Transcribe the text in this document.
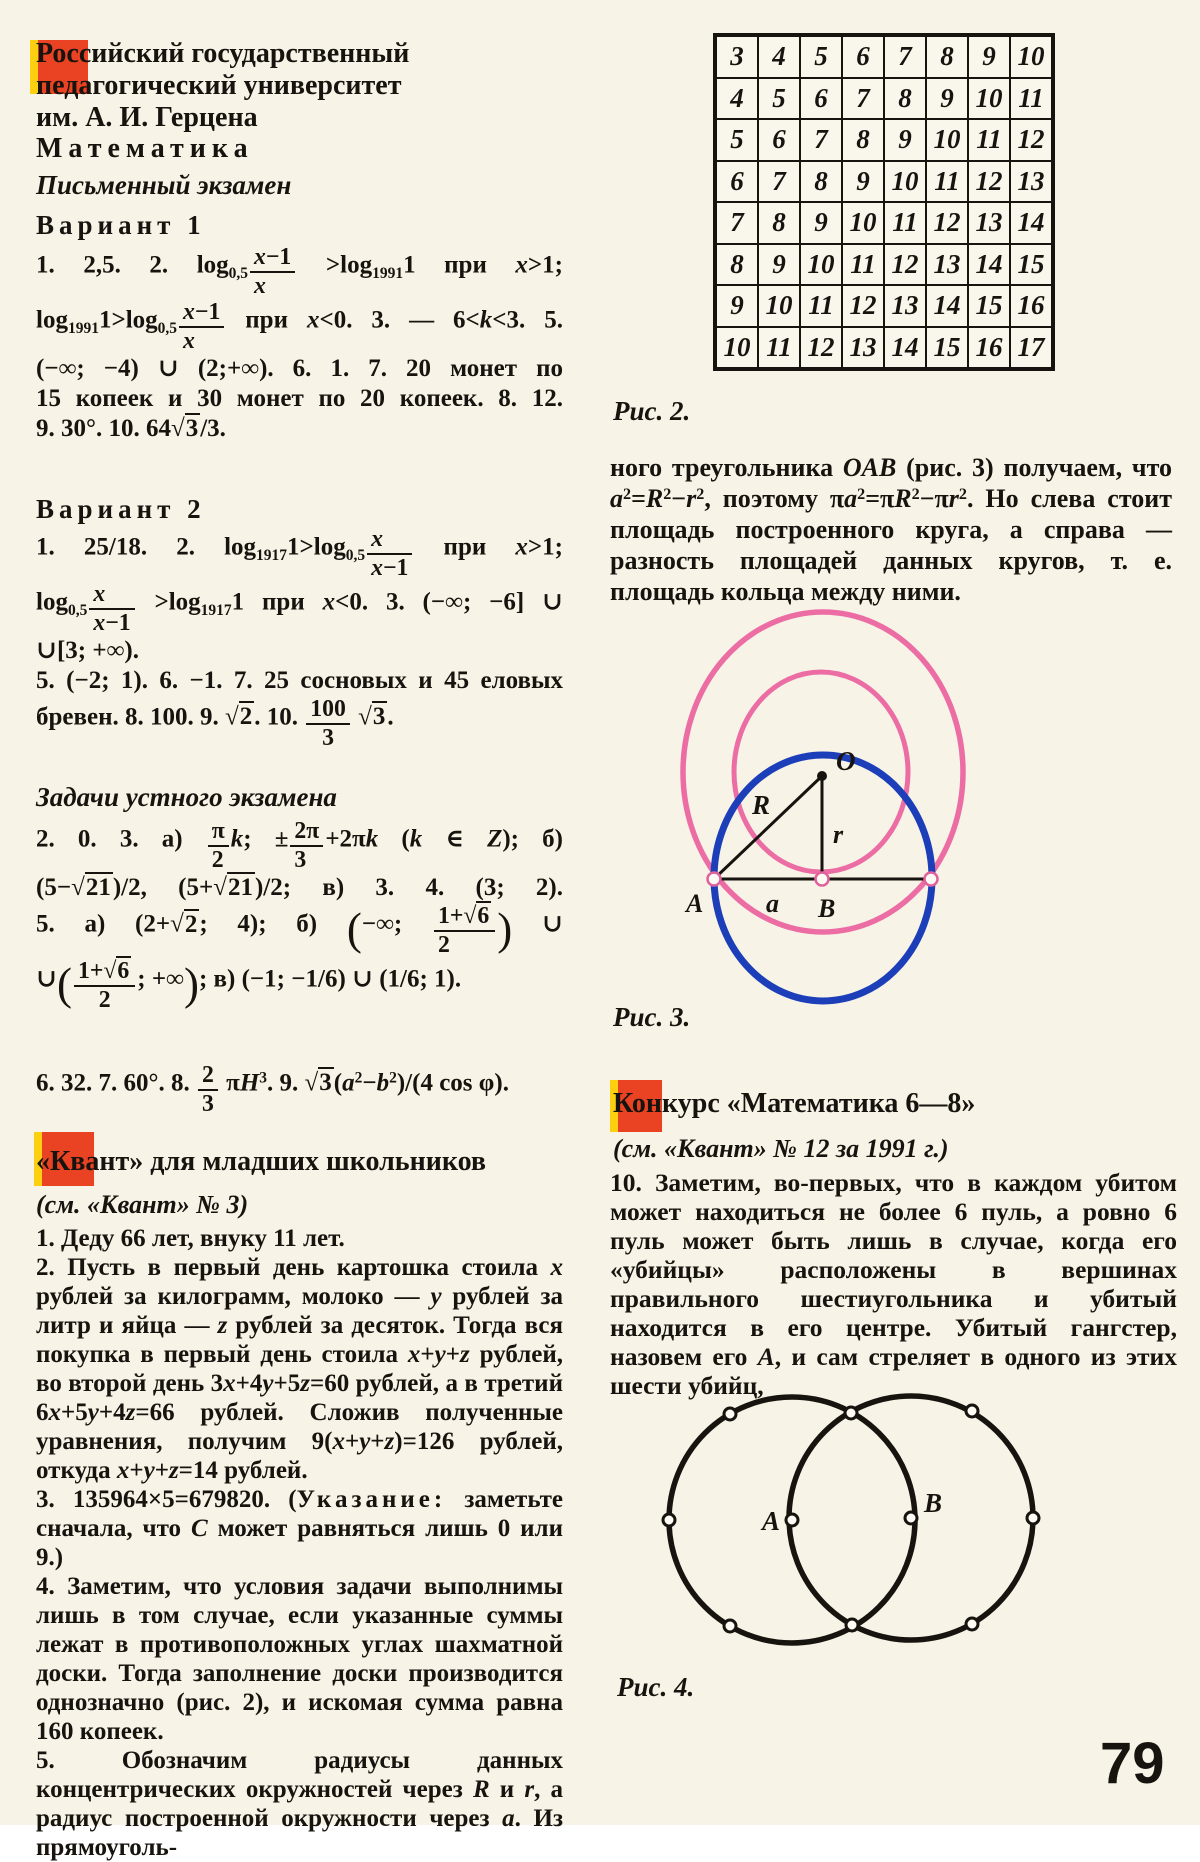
Российский государственный
педагогический университет
им. А. И. Герцена
Математика
Письменный экзамен
Вариант 1
1. 2,5. 2. $\log_{0,5} \frac{x-1}{x} >\log_{1991}1$ при x>1;
$\log_{1991}1>\log_{0,5} \frac{x-1}{x}$ при x<0. 3. — 6<k<3. 5.
(−∞; −4) ∪ (2;+∞). 6. 1. 7. 20 монет по
15 копеек и 30 монет по 20 копеек. 8. 12.
9. 30°. 10. 64√3/3.
Вариант 2
1. 25/18. 2. $\log_{1917}1>\log_{0,5} \frac{x}{x-1}$ при x>1;
$\log_{0,5} \frac{x}{x-1} >\log_{1917}1$ при x<0. 3. (−∞; −6] ∪
∪[3; +∞).
5. (−2; 1). 6. −1. 7. 25 сосновых и 45 еловых
бревен. 8. 100. 9. √2. 10. $\frac{100}{3} √3$.
Задачи устного экзамена
2. 0. 3. $а) \frac{\pi}{2} k$; ± $\frac{2\pi}{3} +2\pi k$ (k ∈ Z); б)
(5−√21)/2, (5+√21)/2; в) 3. 4. (3; 2).
5. а) (2+√2; 4); б) (−∞; $\frac{1+√6}{2}$ ) ∪
∪( $\frac{1+√6}{2}$ ; +∞); в) (−1; −1/6) ∪ (1/6; 1).
6. 32. 7. 60°. 8. $\frac{2}{3} \pi H^3$. 9. $√3(a^2-b^2)/(4$ cos φ).
«Квант» для младших школьников
(см. «Квант» № 3)
1. Деду 66 лет, внуку 11 лет.
2. Пусть в первый день картошка стоила x рублей за килограмм, молоко — y рублей за литр и яйца — z рублей за десяток. Тогда вся покупка в первый день стоила x+y+z рублей, во второй день 3x+4y+5z=60 рублей, а в третий 6x+5y+4z=66 рублей. Сложив полученные уравнения, получим 9(x+y+z)=126 рублей, откуда x+y+z=14 рублей.
3. 135964×5=679820. (Указание: заметьте сначала, что C может равняться лишь 0 или 9.)
4. Заметим, что условия задачи выполнимы лишь в том случае, если указанные суммы лежат в противоположных углах шахматной доски. Тогда заполнение доски производится однозначно (рис. 2), и искомая сумма равна 160 копеек.
5. Обозначим радиусы данных концентрических окружностей через R и r, а радиус построенной окружности через a. Из прямоуголь-
3	4	5	6	7	8	9	10
4	5	6	7	8	9	10	11
5	6	7	8	9	10	11	12
6	7	8	9	10	11	12	13
7	8	9	10	11	12	13	14
8	9	10	11	12	13	14	15
9	10	11	12	13	14	15	16
10	11	12	13	14	15	16	17
Рис. 2.
ного треугольника OAB (рис. 3) получаем, что $a^2=R^2-r^2$, поэтому $\pi a^2=\pi R^2-\pi r^2$. Но слева стоит площадь построенного круга, а справа — разность площадей данных кругов, т. е. площадь кольца между ними.
O
R
r
A a B
Рис. 3.
Конкурс «Математика 6—8»
(см. «Квант» № 12 за 1991 г.)
10. Заметим, во-первых, что в каждом убитом может находиться не более 6 пуль, а ровно 6 пуль может быть лишь в случае, когда его «убийцы» расположены в вершинах правильного шестиугольника и убитый находится в его центре. Убитый гангстер, назовем его A, и сам стреляет в одного из этих шести убийц,
A
B
Рис. 4.
79
